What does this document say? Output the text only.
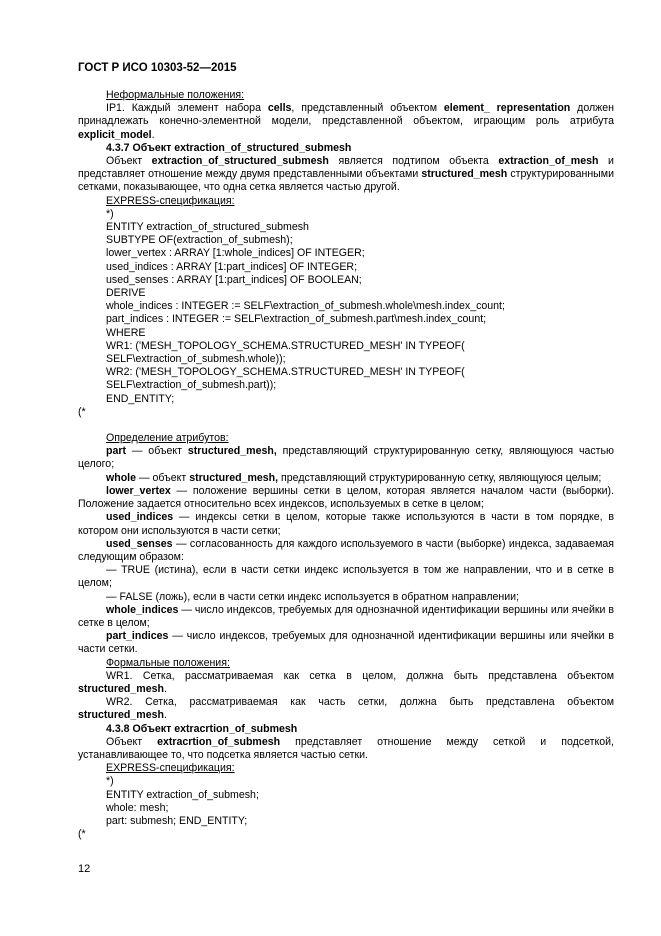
ГОСТ Р ИСО 10303-52—2015

Неформальные положения:

IP1. Каждый элемент набора cells, представленный объектом element_ representation должен принадлежать конечно-элементной модели, представленной объектом, играющим роль атрибута explicit_model.

4.3.7 Объект extraction_of_structured_submesh

Объект extraction_of_structured_submesh является подтипом объекта extraction_of_mesh и представляет отношение между двумя представленными объектами structured_mesh структурированными сетками, показывающее, что одна сетка является частью другой.

EXPRESS-спецификация:

*)
ENTITY extraction_of_structured_submesh
SUBTYPE OF(extraction_of_submesh);
lower_vertex : ARRAY [1:whole_indices] OF INTEGER;
used_indices : ARRAY [1:part_indices] OF INTEGER;
used_senses : ARRAY [1:part_indices] OF BOOLEAN;
DERIVE
whole_indices : INTEGER := SELF\extraction_of_submesh.whole\mesh.index_count;
part_indices : INTEGER := SELF\extraction_of_submesh.part\mesh.index_count;
WHERE
WR1: ('MESH_TOPOLOGY_SCHEMA.STRUCTURED_MESH' IN TYPEOF(
SELF\extraction_of_submesh.whole));
WR2: ('MESH_TOPOLOGY_SCHEMA.STRUCTURED_MESH' IN TYPEOF(
SELF\extraction_of_submesh.part));
END_ENTITY;

(*

Определение атрибутов:

part — объект structured_mesh, представляющий структурированную сетку, являющуюся частью целого;

whole — объект structured_mesh, представляющий структурированную сетку, являющуюся целым;

lower_vertex — положение вершины сетки в целом, которая является началом части (выборки). Положение задается относительно всех индексов, используемых в сетке в целом;

used_indices — индексы сетки в целом, которые также используются в части в том порядке, в котором они используются в части сетки;

used_senses — согласованность для каждого используемого в части (выборке) индекса, задаваемая следующим образом:

— TRUE (истина), если в части сетки индекс используется в том же направлении, что и в сетке в целом;

— FALSE (ложь), если в части сетки индекс используется в обратном направлении;

whole_indices — число индексов, требуемых для однозначной идентификации вершины или ячейки в сетке в целом;

part_indices — число индексов, требуемых для однозначной идентификации вершины или ячейки в части сетки.

Формальные положения:

WR1. Сетка, рассматриваемая как сетка в целом, должна быть представлена объектом structured_mesh.

WR2. Сетка, рассматриваемая как часть сетки, должна быть представлена объектом structured_mesh.

4.3.8 Объект extracrtion_of_submesh

Объект extracrtion_of_submesh представляет отношение между сеткой и подсеткой, устанавливающее то, что подсетка является частью сетки.

EXPRESS-спецификация:

*)
ENTITY extraction_of_submesh;
whole: mesh;
part: submesh; END_ENTITY;

(*

12
